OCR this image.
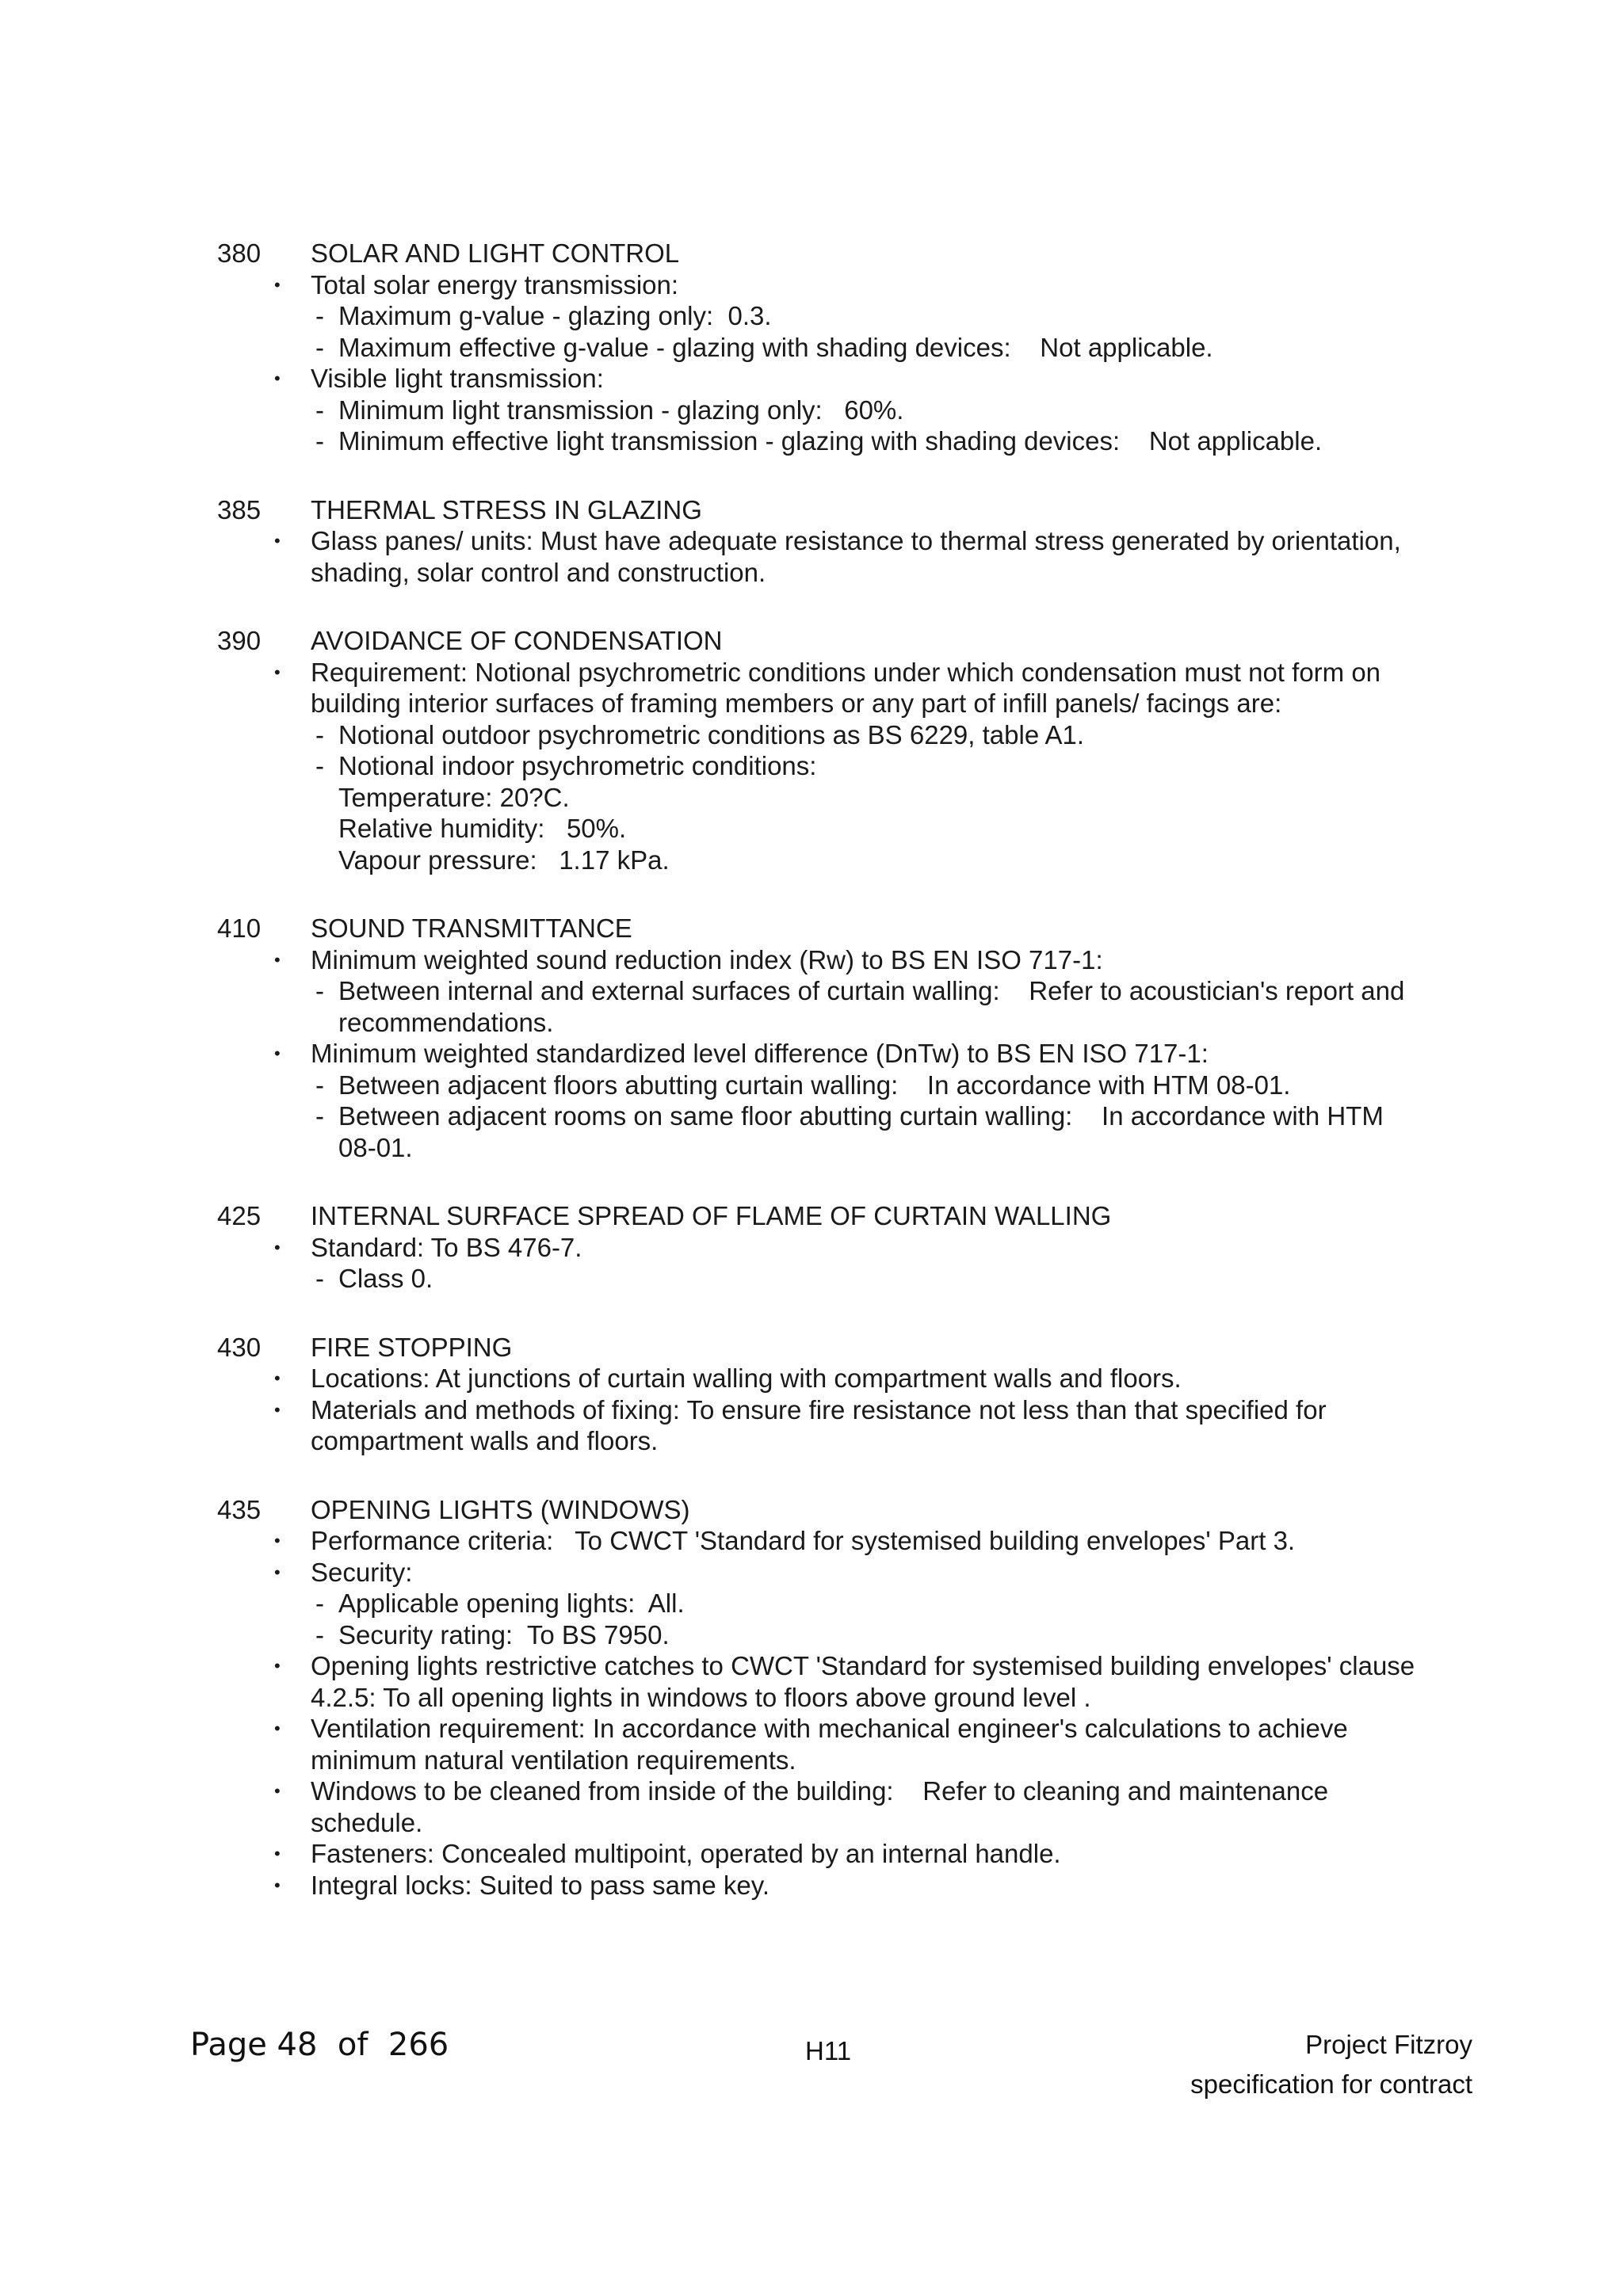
380	SOLAR AND LIGHT CONTROL
• Total solar energy transmission:
- Maximum g-value - glazing only:  0.3.
- Maximum effective g-value - glazing with shading devices:    Not applicable.
• Visible light transmission:
- Minimum light transmission - glazing only:   60%.
- Minimum effective light transmission - glazing with shading devices:    Not applicable.
385	THERMAL STRESS IN GLAZING
• Glass panes/ units: Must have adequate resistance to thermal stress generated by orientation, shading, solar control and construction.
390	AVOIDANCE OF CONDENSATION
• Requirement: Notional psychrometric conditions under which condensation must not form on building interior surfaces of framing members or any part of infill panels/ facings are:
- Notional outdoor psychrometric conditions as BS 6229, table A1.
- Notional indoor psychrometric conditions:
Temperature: 20?C.
Relative humidity:   50%.
Vapour pressure:   1.17 kPa.
410	SOUND TRANSMITTANCE
• Minimum weighted sound reduction index (Rw) to BS EN ISO 717-1:
- Between internal and external surfaces of curtain walling:    Refer to acoustician's report and recommendations.
• Minimum weighted standardized level difference (DnTw) to BS EN ISO 717-1:
- Between adjacent floors abutting curtain walling:    In accordance with HTM 08-01.
- Between adjacent rooms on same floor abutting curtain walling:    In accordance with HTM 08-01.
425	INTERNAL SURFACE SPREAD OF FLAME OF CURTAIN WALLING
• Standard: To BS 476-7.
- Class 0.
430	FIRE STOPPING
• Locations: At junctions of curtain walling with compartment walls and floors.
• Materials and methods of fixing: To ensure fire resistance not less than that specified for compartment walls and floors.
435	OPENING LIGHTS (WINDOWS)
• Performance criteria:   To CWCT 'Standard for systemised building envelopes' Part 3.
• Security:
- Applicable opening lights:  All.
- Security rating:  To BS 7950.
• Opening lights restrictive catches to CWCT 'Standard for systemised building envelopes' clause 4.2.5: To all opening lights in windows to floors above ground level .
• Ventilation requirement: In accordance with mechanical engineer's calculations to achieve minimum natural ventilation requirements.
• Windows to be cleaned from inside of the building:    Refer to cleaning and maintenance schedule.
• Fasteners: Concealed multipoint, operated by an internal handle.
• Integral locks: Suited to pass same key.
Page 48  of  266	H11	Project Fitzroy
specification for contract
